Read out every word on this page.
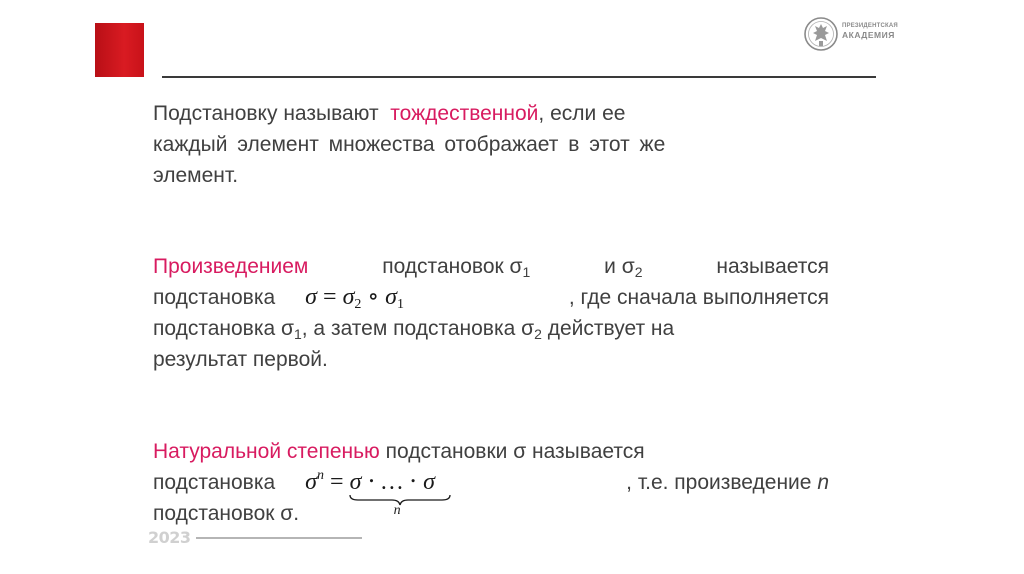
ПРЕЗИДЕНТСКАЯ
АКАДЕМИЯ
Подстановку называют  тождественной, если ее
каждый элемент множества отображает в этот же
элемент.
Произведением	подстановок $\sigma_1$	и $\sigma_2$	называется
подстановка $\sigma = \sigma_2$ ∘ $\sigma_1$	, где сначала выполняется
подстановка $\sigma_1$, а затем подстановка $\sigma_2$ действует на
результат первой.
Натуральной степенью подстановки σ называется
подстановка $\sigma^n = \sigma$ ⋅ … ⋅ σ
n
, т.е. произведение n
подстановок σ.
2023
